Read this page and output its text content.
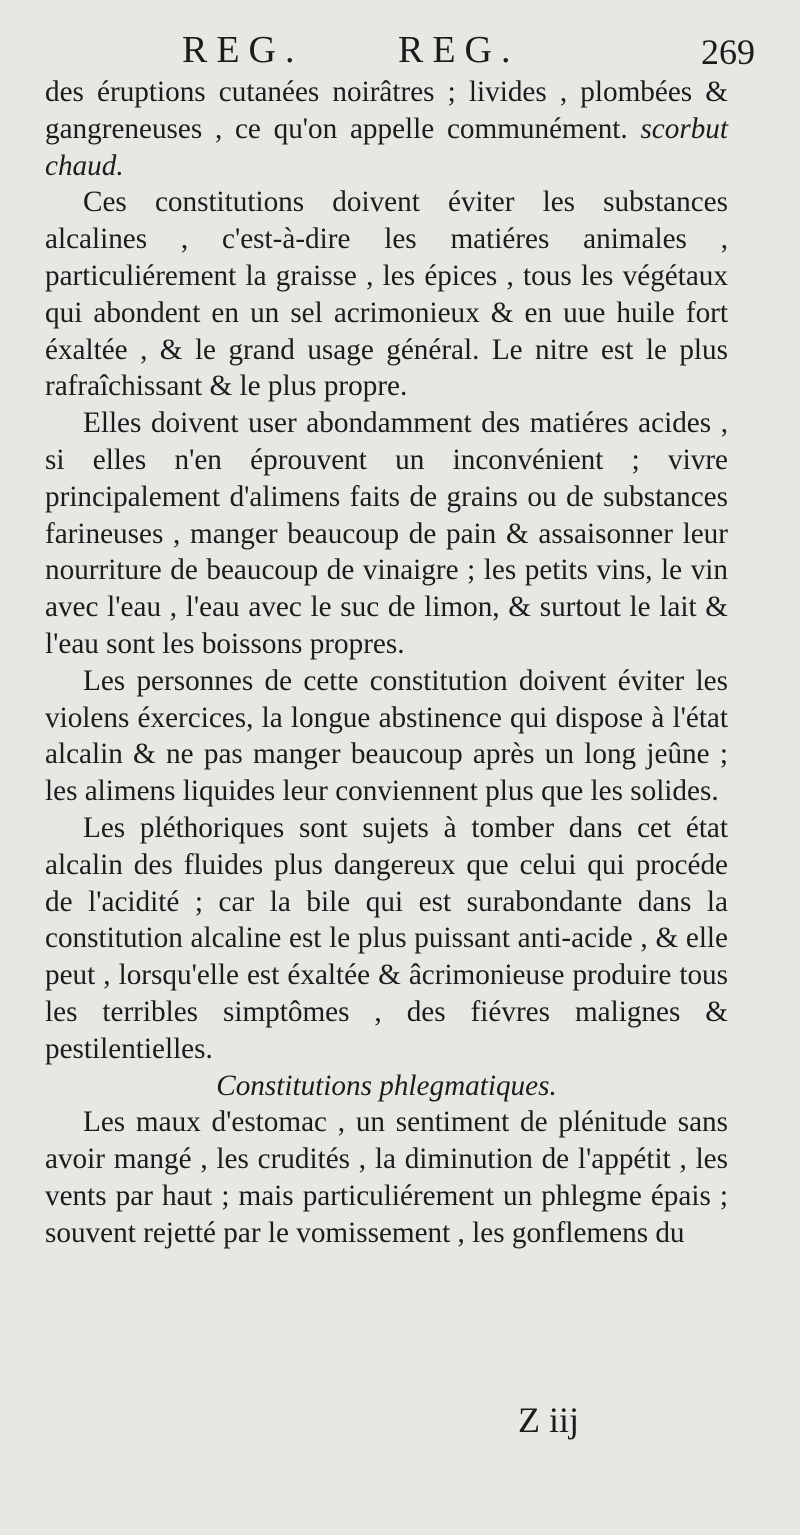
REG. REG.	269

des éruptions cutanées noirâtres ; livides , plombées & gangreneuses , ce qu'on appelle communément. scorbut chaud.

Ces constitutions doivent éviter les substances alcalines , c'est-à-dire les matiéres animales , particuliérement la graisse , les épices , tous les végétaux qui abondent en un sel acrimonieux & en uue huile fort éxaltée , & le grand usage général. Le nitre est le plus rafraîchissant & le plus propre.

Elles doivent user abondamment des matiéres acides , si elles n'en éprouvent un inconvénient ; vivre principalement d'alimens faits de grains ou de substances farineuses , manger beaucoup de pain & assaisonner leur nourriture de beaucoup de vinaigre ; les petits vins, le vin avec l'eau , l'eau avec le suc de limon, & surtout le lait & l'eau sont les boissons propres.

Les personnes de cette constitution doivent éviter les violens éxercices, la longue abstinence qui dispose à l'état alcalin & ne pas manger beaucoup après un long jeûne ; les alimens liquides leur conviennent plus que les solides.

Les pléthoriques sont sujets à tomber dans cet état alcalin des fluides plus dangereux que celui qui procéde de l'acidité ; car la bile qui est surabondante dans la constitution alcaline est le plus puissant anti-acide , & elle peut , lorsqu'elle est éxaltée & âcrimonieuse produire tous les terribles simptômes , des fiévres malignes & pestilentielles.

Constitutions phlegmatiques.

Les maux d'estomac , un sentiment de plénitude sans avoir mangé , les crudités , la diminution de l'appétit , les vents par haut ; mais particuliérement un phlegme épais ; souvent rejetté par le vomissement , les gonflemens du

Z iij
